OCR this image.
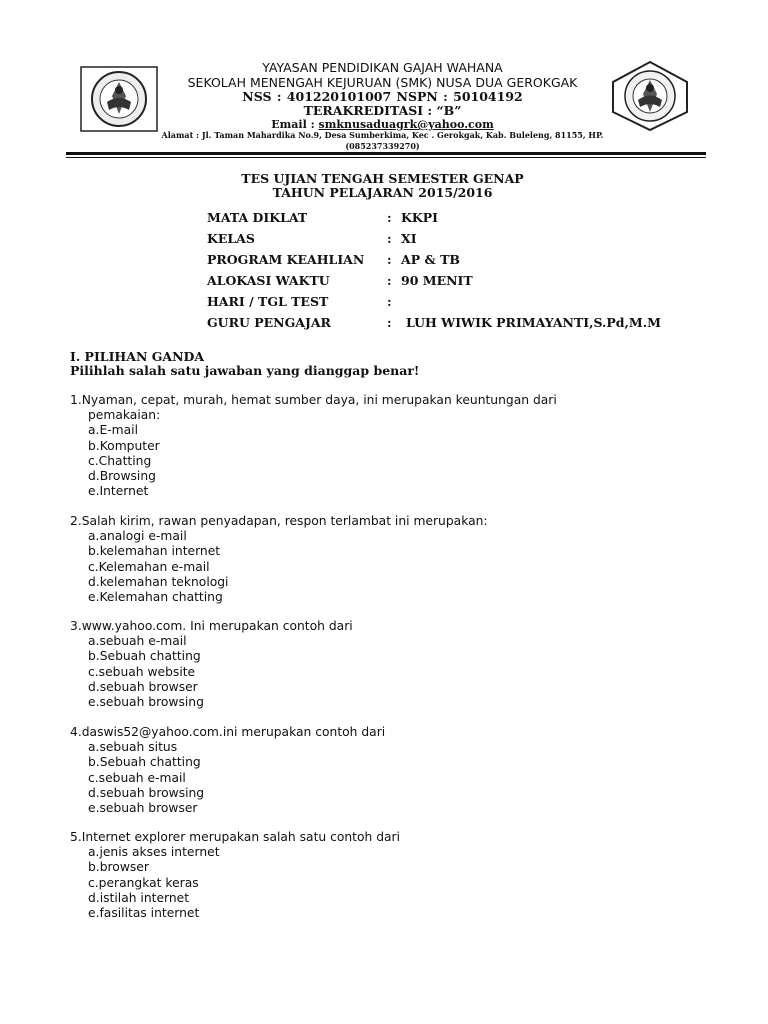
YAYASAN PENDIDIKAN GAJAH WAHANA
SEKOLAH MENENGAH KEJURUAN (SMK) NUSA DUA GEROKGAK
NSS : 401220101007 NSPN : 50104192
TERAKREDITASI : “B”
Email : smknusaduagrk@yahoo.com
Alamat : Jl. Taman Mahardika No.9, Desa Sumberkima, Kec . Gerokgak, Kab. Buleleng, 81155, HP.
(085237339270)
TES UJIAN TENGAH SEMESTER GENAP
TAHUN PELAJARAN 2015/2016
MATA DIKLAT	: KKPI
KELAS	: XI
PROGRAM KEAHLIAN : AP & TB
ALOKASI WAKTU	: 90 MENIT
HARI / TGL TEST	:
GURU PENGAJAR	: LUH WIWIK PRIMAYANTI,S.Pd,M.M
I. PILIHAN GANDA
Pilihlah salah satu jawaban yang dianggap benar!
1.Nyaman, cepat, murah, hemat sumber daya, ini merupakan keuntungan dari
pemakaian:
a.E-mail
b.Komputer
c.Chatting
d.Browsing
e.Internet
2.Salah kirim, rawan penyadapan, respon terlambat ini merupakan:
a.analogi e-mail
b.kelemahan internet
c.Kelemahan e-mail
d.kelemahan teknologi
e.Kelemahan chatting
3.www.yahoo.com. Ini merupakan contoh dari
a.sebuah e-mail
b.Sebuah chatting
c.sebuah website
d.sebuah browser
e.sebuah browsing
4.daswis52@yahoo.com.ini merupakan contoh dari
a.sebuah situs
b.Sebuah chatting
c.sebuah e-mail
d.sebuah browsing
e.sebuah browser
5.Internet explorer merupakan salah satu contoh dari
a.jenis akses internet
b.browser
c.perangkat keras
d.istilah internet
e.fasilitas internet
